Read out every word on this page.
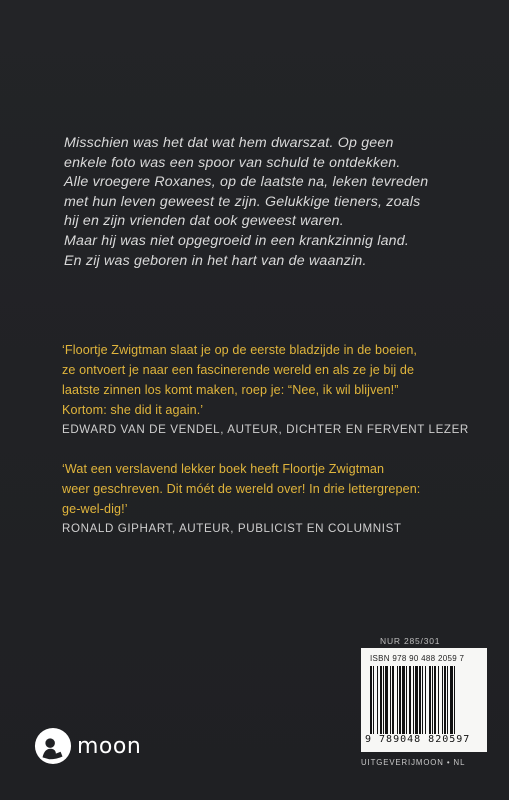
Misschien was het dat wat hem dwarszat. Op geen

enkele foto was een spoor van schuld te ontdekken.

Alle vroegere Roxanes, op de laatste na, leken tevreden

met hun leven geweest te zijn. Gelukkige tieners, zoals

hij en zijn vrienden dat ook geweest waren.

Maar hij was niet opgegroeid in een krankzinnig land.

En zij was geboren in het hart van de waanzin.

‘Floortje Zwigtman slaat je op de eerste bladzijde in de boeien,

ze ontvoert je naar een fascinerende wereld en als ze je bij de

laatste zinnen los komt maken, roep je: “Nee, ik wil blijven!”

Kortom: she did it again.’

EDWARD VAN DE VENDEL, AUTEUR, DICHTER EN FERVENT LEZER

‘Wat een verslavend lekker boek heeft Floortje Zwigtman

weer geschreven. Dit móét de wereld over! In drie lettergrepen:

ge-wel-dig!’

RONALD GIPHART, AUTEUR, PUBLICIST EN COLUMNIST

NUR 285/301
ISBN 978 90 488 2059 7
9 789048 820597
UITGEVERIJMOON • NL
moon
